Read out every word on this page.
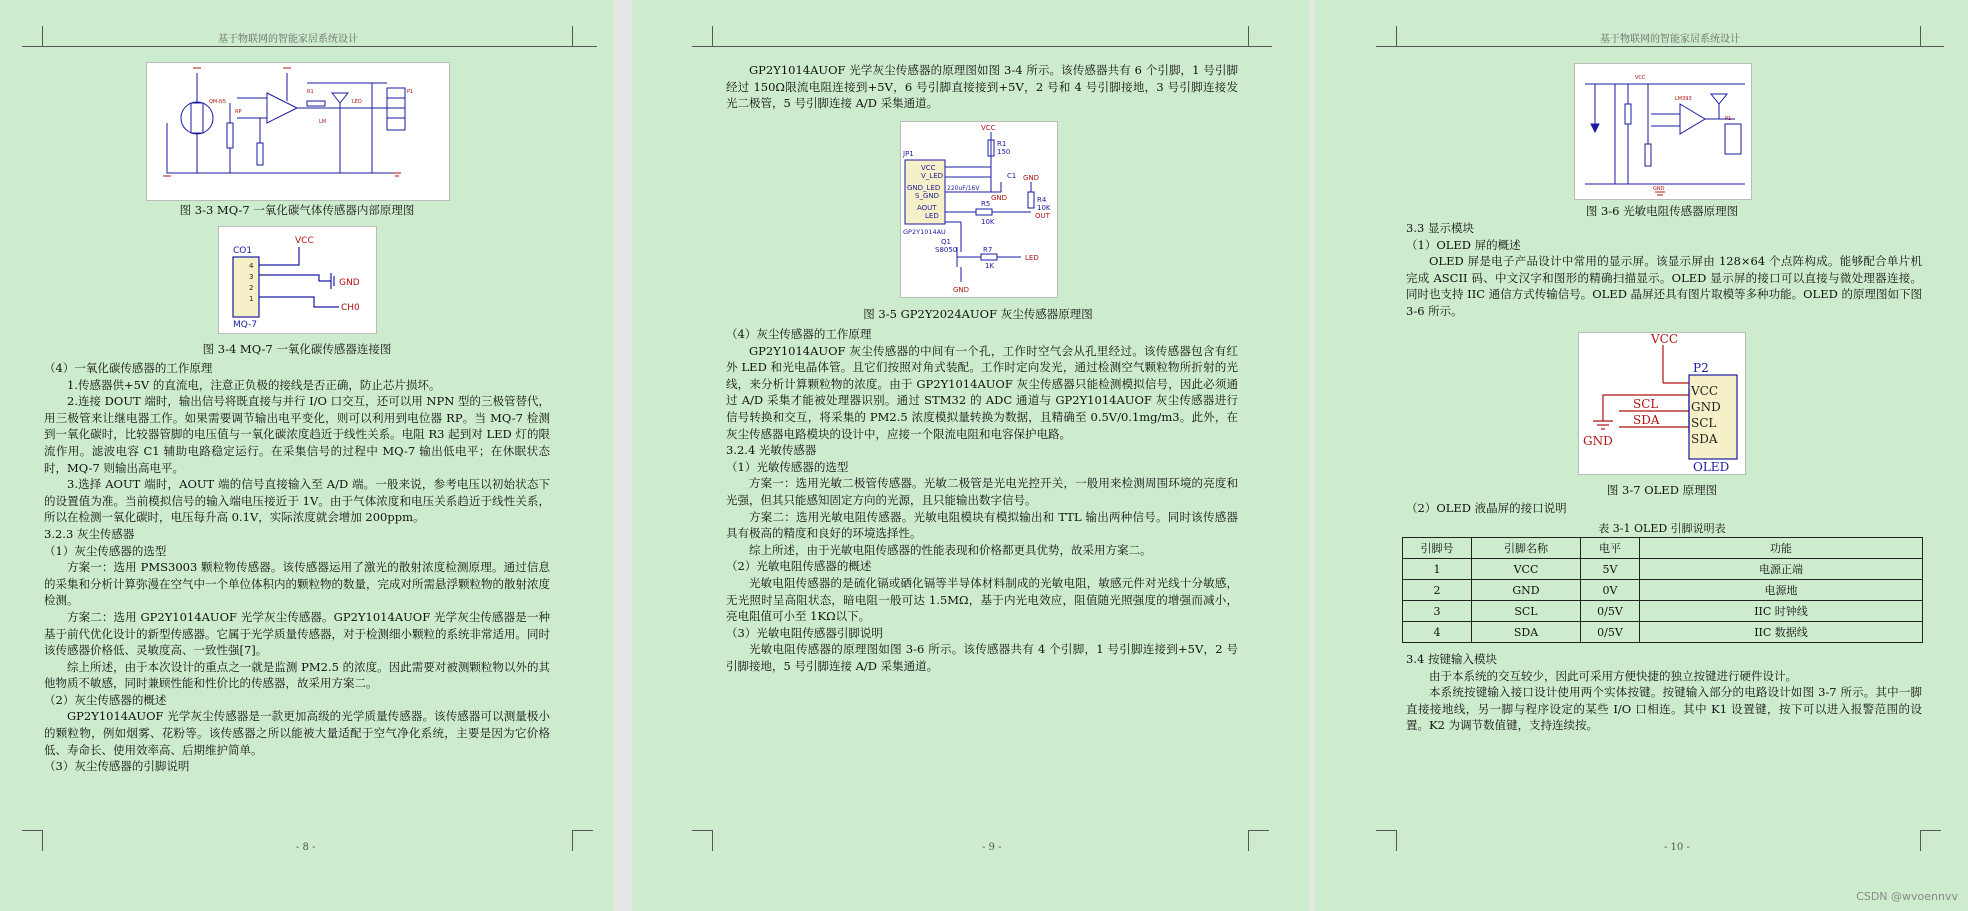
基于物联网的智能家居系统设计
QM-N5
RP
R1
LM
LED
P1
图 3-3 MQ-7 一氧化碳气体传感器内部原理图
CO1
VCC
GND
CH0
MQ-7
4
3
2
1
图 3-4 MQ-7 一氧化碳传感器连接图

（4）一氧化碳传感器的工作原理

1.传感器供+5V 的直流电，注意正负极的接线是否正确，防止芯片损坏。

2.连接 DOUT 端时，输出信号将既直接与并行 I/O 口交互，还可以用 NPN 型的三极管替代，用三极管来让继电器工作。如果需要调节输出电平变化，则可以利用到电位器 RP。当 MQ-7 检测到一氧化碳时，比较器管脚的电压值与一氧化碳浓度趋近于线性关系。电阻 R3 起到对 LED 灯的限流作用。滤波电容 C1 辅助电路稳定运行。在采集信号的过程中 MQ-7 输出低电平；在休眠状态时，MQ-7 则输出高电平。

3.选择 AOUT 端时，AOUT 端的信号直接输入至 A/D 端。一般来说，参考电压以初始状态下的设置值为准。当前模拟信号的输入端电压接近于 1V。由于气体浓度和电压关系趋近于线性关系，所以在检测一氧化碳时，电压每升高 0.1V，实际浓度就会增加 200ppm。

3.2.3 灰尘传感器

（1）灰尘传感器的选型

方案一：选用 PMS3003 颗粒物传感器。该传感器运用了激光的散射浓度检测原理。通过信息的采集和分析计算弥漫在空气中一个单位体积内的颗粒物的数量，完成对所需悬浮颗粒物的散射浓度检测。

方案二：选用 GP2Y1014AUOF 光学灰尘传感器。GP2Y1014AUOF 光学灰尘传感器是一种基于前代优化设计的新型传感器。它属于光学质量传感器，对于检测细小颗粒的系统非常适用。同时该传感器价格低、灵敏度高、一致性强[7]。

综上所述，由于本次设计的重点之一就是监测 PM2.5 的浓度。因此需要对被测颗粒物以外的其他物质不敏感，同时兼顾性能和性价比的传感器，故采用方案二。

（2）灰尘传感器的概述

GP2Y1014AUOF 光学灰尘传感器是一款更加高级的光学质量传感器。该传感器可以测量极小的颗粒物，例如烟雾、花粉等。该传感器之所以能被大量适配于空气净化系统，主要是因为它价格低、寿命长、使用效率高、后期维护简单。

（3）灰尘传感器的引脚说明

- 8 -

GP2Y1014AUOF 光学灰尘传感器的原理图如图 3-4 所示。该传感器共有 6 个引脚，1 号引脚经过 150Ω限流电阻连接到+5V，6 号引脚直接接到+5V，2 号和 4 号引脚接地，3 号引脚连接发光二极管，5 号引脚连接 A/D 采集通道。

JP1
VCC
V_LED
GND_LED
S_GND
AOUT
LED
GP2Y1014AU
R1
150
C1
220uF/16V
R4
10K
R5
10K
R7
1K
Q1
S8050
VCC
GND
OUT
LED
GND
GND
图 3-5 GP2Y2024AUOF 灰尘传感器原理图

（4）灰尘传感器的工作原理

GP2Y1014AUOF 灰尘传感器的中间有一个孔，工作时空气会从孔里经过。该传感器包含有红外 LED 和光电晶体管。且它们按照对角式装配。工作时定向发光，通过检测空气颗粒物所折射的光线，来分析计算颗粒物的浓度。由于 GP2Y1014AUOF 灰尘传感器只能检测模拟信号，因此必须通过 A/D 采集才能被处理器识别。通过 STM32 的 ADC 通道与 GP2Y1014AUOF 灰尘传感器进行信号转换和交互，将采集的 PM2.5 浓度模拟量转换为数据，且精确至 0.5V/0.1mg/m3。此外，在灰尘传感器电路模块的设计中，应接一个限流电阻和电容保护电路。

3.2.4 光敏传感器

（1）光敏传感器的选型

方案一：选用光敏二极管传感器。光敏二极管是光电光控开关，一般用来检测周围环境的亮度和光强，但其只能感知固定方向的光源，且只能输出数字信号。

方案二：选用光敏电阻传感器。光敏电阻模块有模拟输出和 TTL 输出两种信号。同时该传感器具有极高的精度和良好的环境选择性。

综上所述，由于光敏电阻传感器的性能表现和价格都更具优势，故采用方案二。

（2）光敏电阻传感器的概述

光敏电阻传感器的是硫化镉或硒化镉等半导体材料制成的光敏电阻，敏感元件对光线十分敏感，无光照时呈高阻状态，暗电阻一般可达 1.5MΩ，基于内光电效应，阻值随光照强度的增强而减小，亮电阻值可小至 1KΩ以下。

（3）光敏电阻传感器引脚说明

光敏电阻传感器的原理图如图 3-6 所示。该传感器共有 4 个引脚，1 号引脚连接到+5V，2 号引脚接地，5 号引脚连接 A/D 采集通道。

- 9 -
基于物联网的智能家居系统设计
VCC
LM393
P1
GND
图 3-6 光敏电阻传感器原理图

3.3 显示模块

（1）OLED 屏的概述

OLED 屏是电子产品设计中常用的显示屏。该显示屏由 128×64 个点阵构成。能够配合单片机完成 ASCII 码、中文汉字和图形的精确扫描显示。OLED 显示屏的接口可以直接与微处理器连接。同时也支持 IIC 通信方式传输信号。OLED 晶屏还具有图片取模等多种功能。OLED 的原理图如下图 3-6 所示。

VCC
P2
GND
SCL
SDA
VCC
GND
SCL
SDA
OLED
图 3-7 OLED 原理图

（2）OLED 液晶屏的接口说明

表 3-1 OLED 引脚说明表
引脚号	引脚名称	电平	功能
1	VCC	5V	电源正端
2	GND	0V	电源地
3	SCL	0/5V	IIC 时钟线
4	SDA	0/5V	IIC 数据线

3.4 按键输入模块

由于本系统的交互较少，因此可采用方便快捷的独立按键进行硬件设计。

本系统按键输入接口设计使用两个实体按键。按键输入部分的电路设计如图 3-7 所示。其中一脚直接接地线，另一脚与程序设定的某些 I/O 口相连。其中 K1 设置键，按下可以进入报警范围的设置。K2 为调节数值键，支持连续按。

- 10 -
CSDN @wvoennvv
